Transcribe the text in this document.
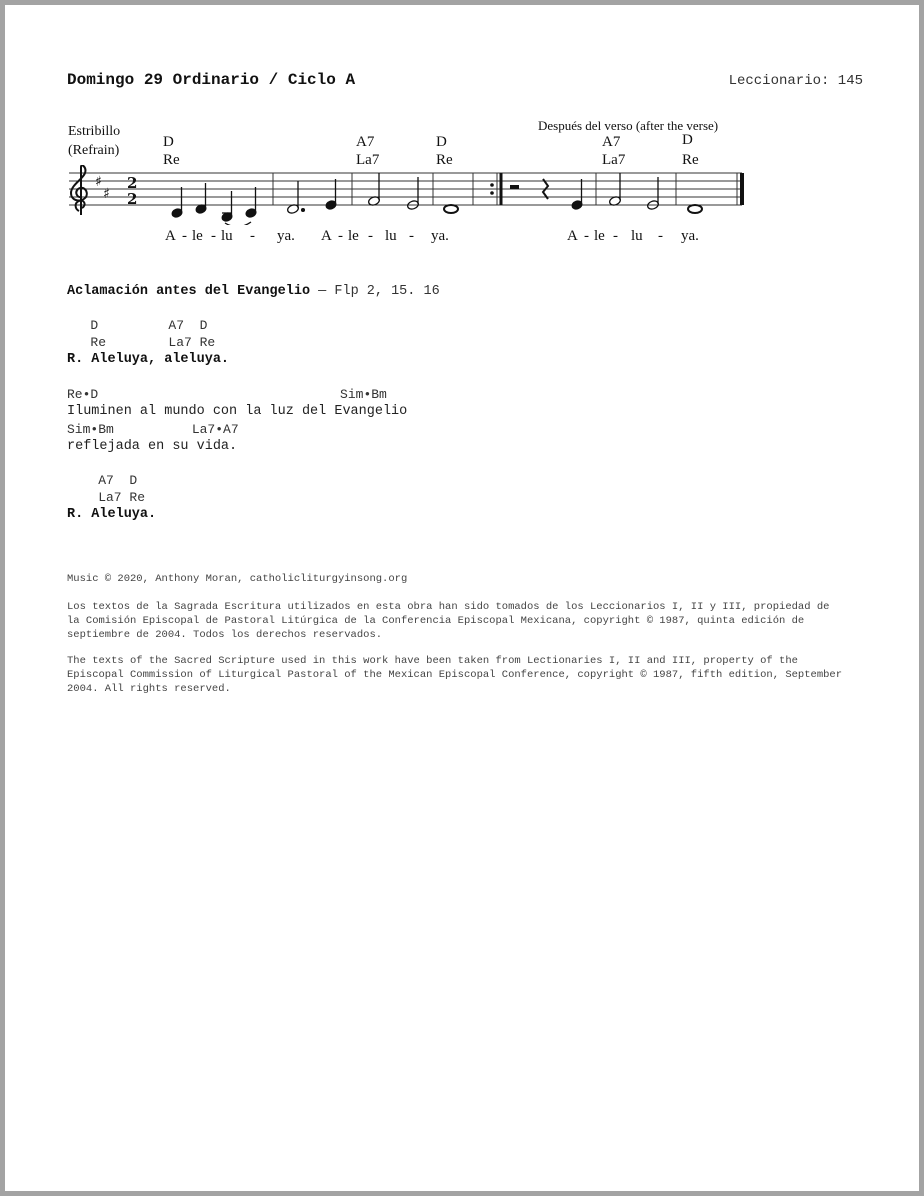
Domingo 29 Ordinario / Ciclo A	Leccionario: 145
Estribillo
(Refrain)
Después del verso (after the verse)
D
Re
A7
La7
D
Re
A7
La7
D
Re
♯
♯
2
2
A - le - lu - ya. A - le - lu - ya.	A - le - lu - ya.
Aclamación antes del Evangelio — Flp 2, 15. 16
D         A7  D
Re        La7 Re
R. Aleluya, aleluya.
Re•D                               Sim•Bm
Iluminen al mundo con la luz del Evangelio
Sim•Bm          La7•A7
reflejada en su vida.
A7  D
La7 Re
R. Aleluya.
Music © 2020, Anthony Moran, catholicliturgyinsong.org
Los textos de la Sagrada Escritura utilizados en esta obra han sido tomados de los Leccionarios I, II y III, propiedad de la Comisión Episcopal de Pastoral Litúrgica de la Conferencia Episcopal Mexicana, copyright © 1987, quinta edición de septiembre de 2004. Todos los derechos reservados.
The texts of the Sacred Scripture used in this work have been taken from Lectionaries I, II and III, property of the Episcopal Commission of Liturgical Pastoral of the Mexican Episcopal Conference, copyright © 1987, fifth edition, September 2004. All rights reserved.
